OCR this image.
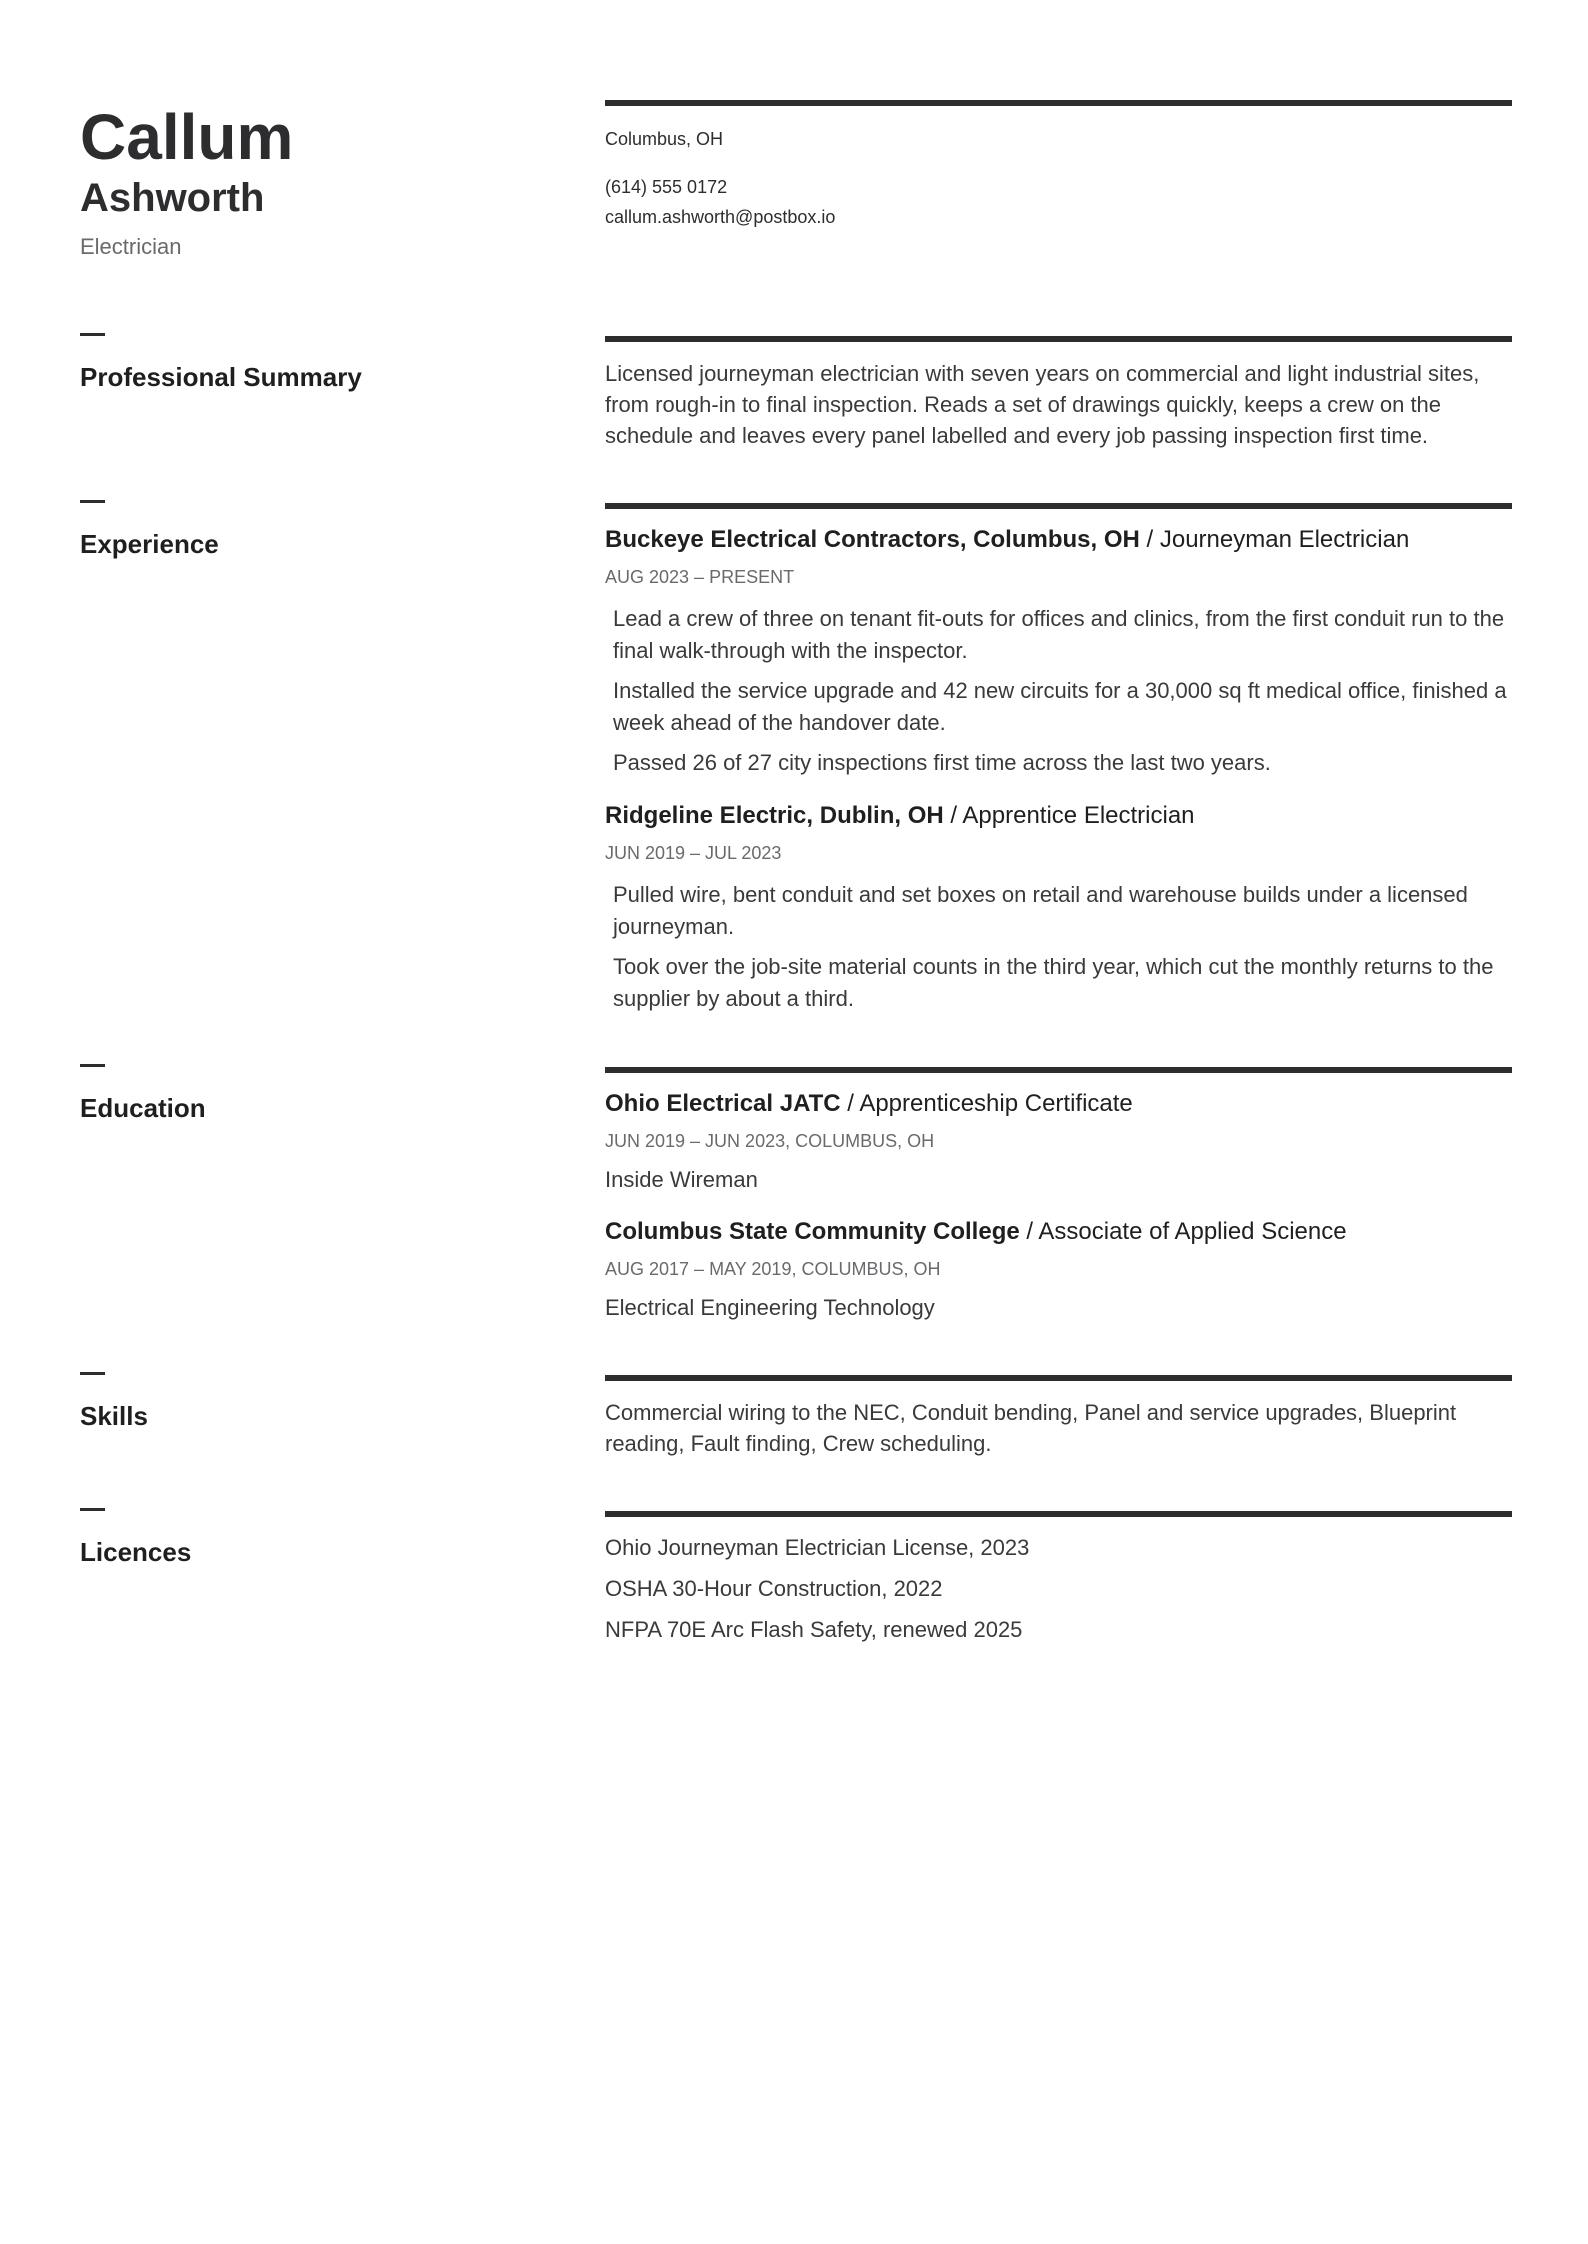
Callum
Ashworth
Electrician
Columbus, OH
(614) 555 0172
callum.ashworth@postbox.io
Professional Summary	Licensed journeyman electrician with seven years on commercial and light industrial sites, from rough-in to final inspection. Reads a set of drawings quickly, keeps a crew on the schedule and leaves every panel labelled and every job passing inspection first time.

Experience	Buckeye Electrical Contractors, Columbus, OH / Journeyman Electrician
AUG 2023 – PRESENT
Lead a crew of three on tenant fit-outs for offices and clinics, from the first conduit run to the final walk-through with the inspector.
Installed the service upgrade and 42 new circuits for a 30,000 sq ft medical office, finished a week ahead of the handover date.
Passed 26 of 27 city inspections first time across the last two years.
Ridgeline Electric, Dublin, OH / Apprentice Electrician
JUN 2019 – JUL 2023
Pulled wire, bent conduit and set boxes on retail and warehouse builds under a licensed journeyman.
Took over the job-site material counts in the third year, which cut the monthly returns to the supplier by about a third.
Education	Ohio Electrical JATC / Apprenticeship Certificate
JUN 2019 – JUN 2023, COLUMBUS, OH
Inside Wireman
Columbus State Community College / Associate of Applied Science
AUG 2017 – MAY 2019, COLUMBUS, OH
Electrical Engineering Technology
Skills	Commercial wiring to the NEC, Conduit bending, Panel and service upgrades, Blueprint reading, Fault finding, Crew scheduling.

Licences	Ohio Journeyman Electrician License, 2023
OSHA 30-Hour Construction, 2022
NFPA 70E Arc Flash Safety, renewed 2025
